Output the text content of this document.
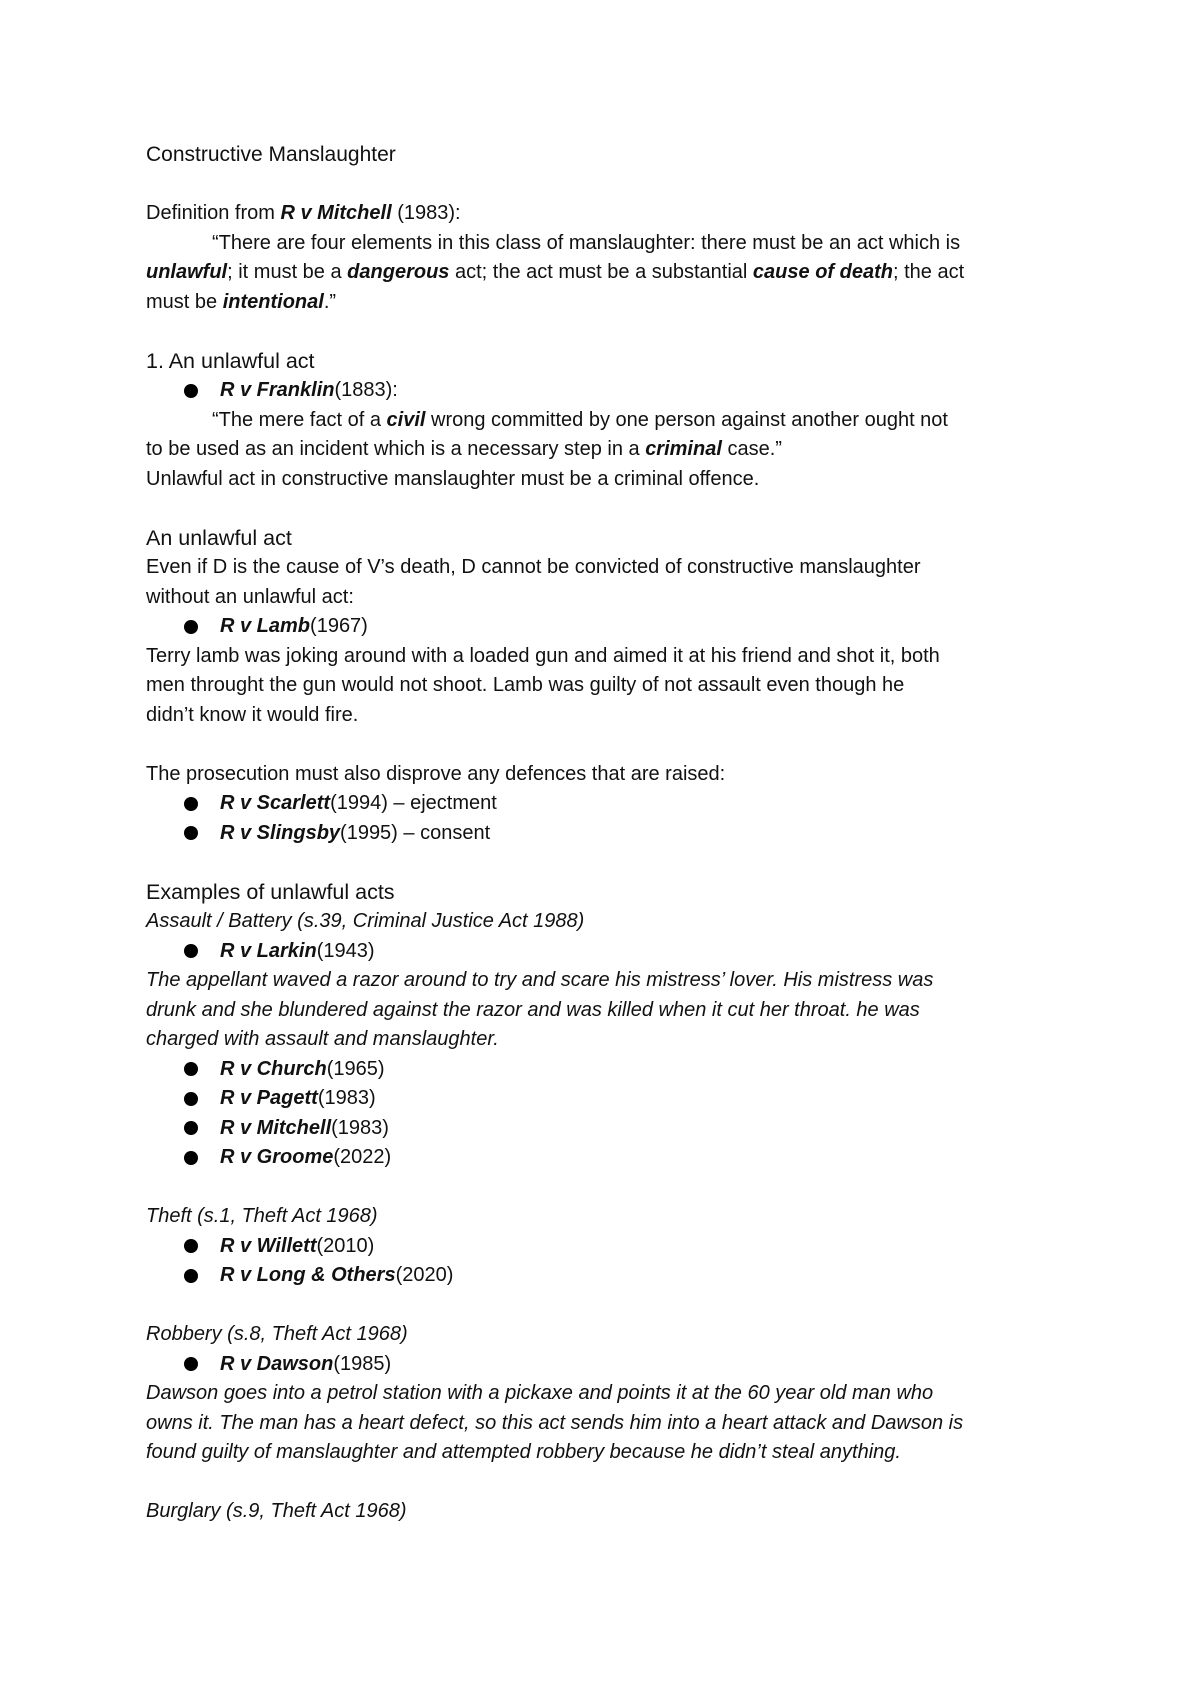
Constructive Manslaughter
Definition from R v Mitchell (1983):
“There are four elements in this class of manslaughter: there must be an act which is
unlawful; it must be a dangerous act; the act must be a substantial cause of death; the act
must be intentional.”
1. An unlawful act
R v Franklin (1883):
“The mere fact of a civil wrong committed by one person against another ought not
to be used as an incident which is a necessary step in a criminal case.”
Unlawful act in constructive manslaughter must be a criminal offence.
An unlawful act
Even if D is the cause of V’s death, D cannot be convicted of constructive manslaughter
without an unlawful act:
R v Lamb (1967)
Terry lamb was joking around with a loaded gun and aimed it at his friend and shot it, both
men throught the gun would not shoot. Lamb was guilty of not assault even though he
didn’t know it would fire.
The prosecution must also disprove any defences that are raised:
R v Scarlett (1994) – ejectment
R v Slingsby (1995) – consent
Examples of unlawful acts
Assault / Battery (s.39, Criminal Justice Act 1988)
R v Larkin (1943)
The appellant waved a razor around to try and scare his mistress’ lover. His mistress was
drunk and she blundered against the razor and was killed when it cut her throat. he was
charged with assault and manslaughter.
R v Church (1965)
R v Pagett (1983)
R v Mitchell (1983)
R v Groome (2022)
Theft (s.1, Theft Act 1968)
R v Willett (2010)
R v Long & Others (2020)
Robbery (s.8, Theft Act 1968)
R v Dawson (1985)
Dawson goes into a petrol station with a pickaxe and points it at the 60 year old man who
owns it. The man has a heart defect, so this act sends him into a heart attack and Dawson is
found guilty of manslaughter and attempted robbery because he didn’t steal anything.
Burglary (s.9, Theft Act 1968)
